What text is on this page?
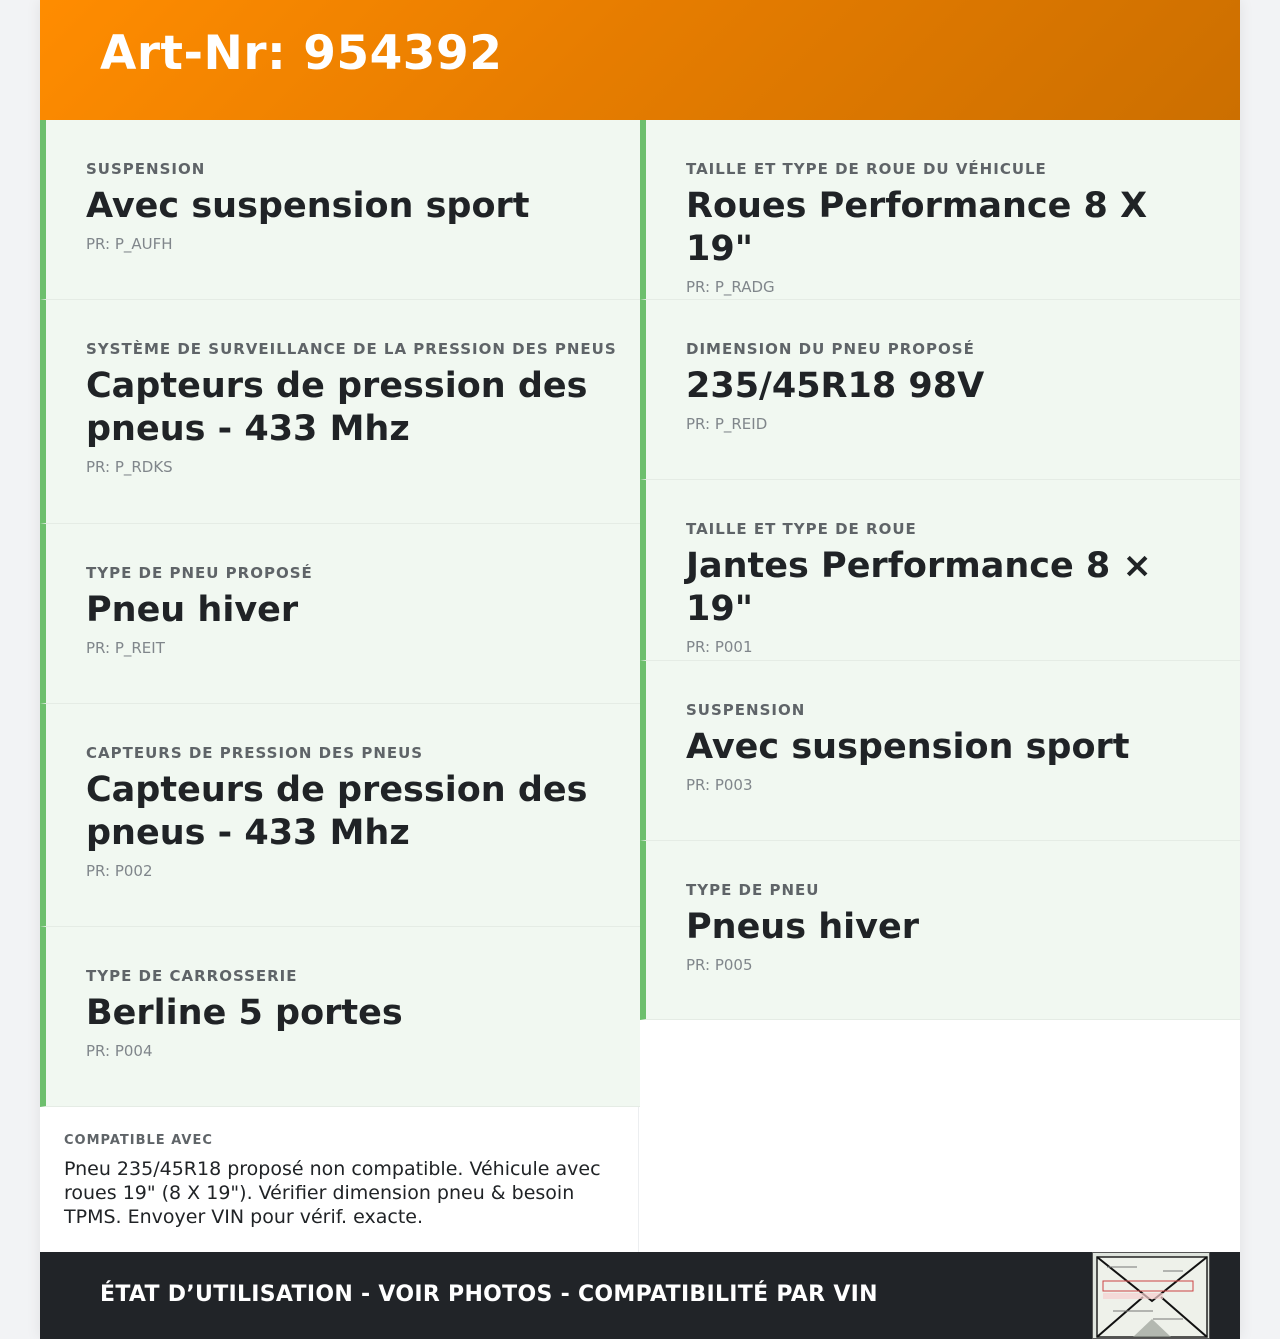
Art-Nr: 954392
SUSPENSION
Avec suspension sport
PR: P_AUFH
SYSTÈME DE SURVEILLANCE DE LA PRESSION DES PNEUS
Capteurs de pression des pneus - 433 Mhz
PR: P_RDKS
TYPE DE PNEU PROPOSÉ
Pneu hiver
PR: P_REIT
CAPTEURS DE PRESSION DES PNEUS
Capteurs de pression des pneus - 433 Mhz
PR: P002
TYPE DE CARROSSERIE
Berline 5 portes
PR: P004
TAILLE ET TYPE DE ROUE DU VÉHICULE
Roues Performance 8 X 19"
PR: P_RADG
DIMENSION DU PNEU PROPOSÉ
235/45R18 98V
PR: P_REID
TAILLE ET TYPE DE ROUE
Jantes Performance 8 × 19"
PR: P001
SUSPENSION
Avec suspension sport
PR: P003
TYPE DE PNEU
Pneus hiver
PR: P005
COMPATIBLE AVEC
Pneu 235/45R18 proposé non compatible. Véhicule avec roues 19" (8 X 19"). Vérifier dimension pneu & besoin TPMS. Envoyer VIN pour vérif. exacte.
ÉTAT D’UTILISATION - VOIR PHOTOS - COMPATIBILITÉ PAR VIN
